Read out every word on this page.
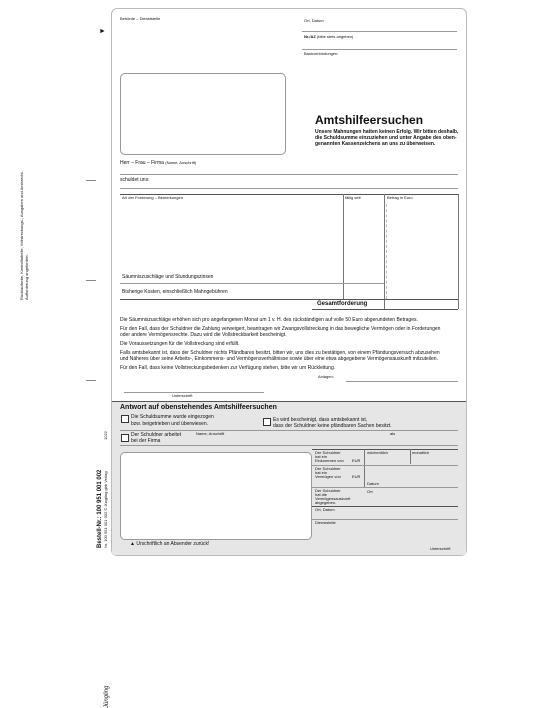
►
Rücklaufseite, Kontrolltabelle, Vollstreckungs-, Ausgaben und Amtsrecht-Aufforderung angefordert.
Bestell-Nr.: 100 951 001 002 Nr. 100 951 001 002 © Jüngling gbb Verlag
1022
Jüngling
Behörde – Dienststelle	Ort, Datum
Nr./AZ (bitte stets angeben)
Bankverbindungen:
Amtshilfeersuchen
Unsere Mahnungen hatten keinen Erfolg. Wir bitten deshalb,
die Schuldsumme einzuziehen und unter Angabe des oben-
genannten Kassenzeichens an uns zu überweisen.
Herr – Frau – Firma (Name, Anschrift)
schuldet uns:
Art der Forderung – Bemerkungen	fällig seit	Betrag in Euro
Säumniszuschläge und Stundungszinsen
Bisherige Kosten, einschließlich Mahngebühren
Gesamtforderung
Die Säumniszuschläge erhöhen sich pro angefangenen Monat um 1 v. H. des rückständigen auf volle 50 Euro abgerundeten Betrages.
Für den Fall, dass der Schuldner die Zahlung verweigert, beantragen wir Zwangsvollstreckung in das bewegliche Vermögen oder in Forderungen
oder andere Vermögensrechte. Dazu wird die Vollstreckbarkeit bescheinigt.
Die Voraussetzungen für die Vollstreckung sind erfüllt.
Falls amtsbekannt ist, dass der Schuldner nichts Pfändbares besitzt, bitten wir, uns dies zu bestätigen, von einem Pfändungsversuch abzusehen
und Näheres über seine Arbeits-, Einkommens- und Vermögensverhältnisse sowie über eine etwa abgegebene Vermögensauskunft mitzuteilen.
Für den Fall, dass keine Vollstreckungsbedenken zur Verfügung stehen, bitte wir um Rückleitung.
Anlagen:
Unterschrift
Antwort auf obenstehendes Amtshilfeersuchen
Die Schuldsumme wurde eingezogen
bzw. beigetrieben und überwiesen.
Es wird bescheinigt, dass amtsbekannt ist,
dass der Schuldner keine pfändbaren Sachen besitzt.
Der Schuldner arbeitet
bei der Firma
Name, Anschrift	als
▲ Urschriftlich an Absender zurück!
Der Schuldner
hat ein
Einkommen von EUR
wöchentlich	monatlich
Der Schuldner
hat ein
Vermögen von	EUR
Datum
Der Schuldner
hat die
Vermögensauskunft
abgegeben.
Ort
Ort, Datum
Dienststelle
Unterschrift
